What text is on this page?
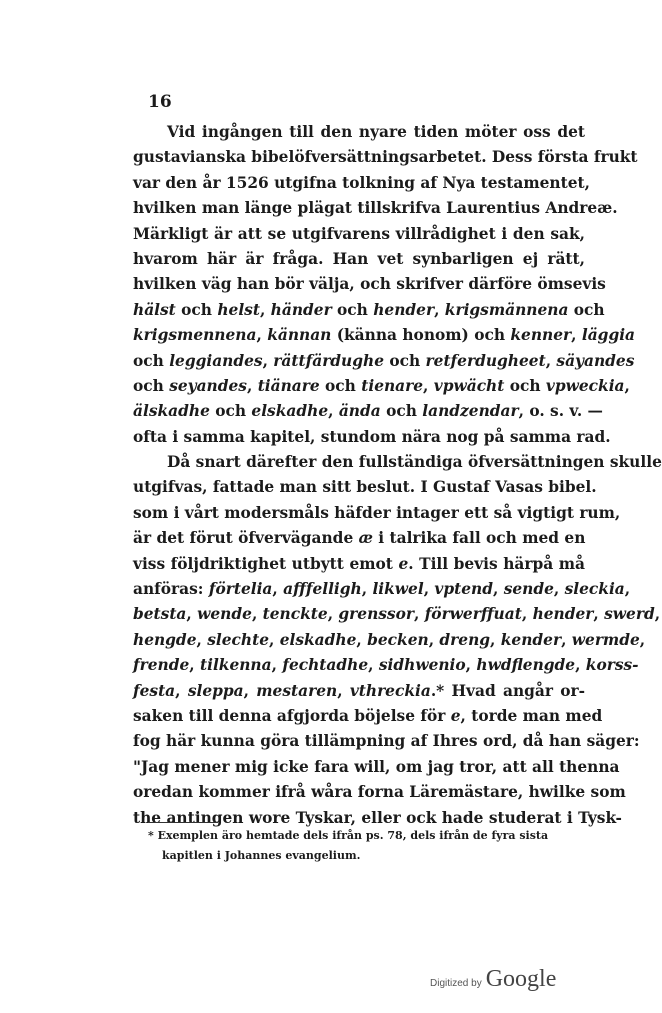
16
Vid ingången till den nyare tiden möter oss det
gustavianska bibelöfversättningsarbetet. Dess första frukt
var den år 1526 utgifna tolkning af Nya testamentet,
hvilken man länge plägat tillskrifva Laurentius Andreæ.
Märkligt är att se utgifvarens villrådighet i den sak,
hvarom här är fråga. Han vet synbarligen ej rätt,
hvilken väg han bör välja, och skrifver därföre ömsevis
hälst och helst, händer och hender, krigsmännena och
krigsmennena, kännan (känna honom) och kenner, läggia
och leggiandes, rättfärdughe och retferdugheet, säyandes
och seyandes, tiänare och tienare, vpwächt och vpweckia,
älskadhe och elskadhe, ända och landzendar, o. s. v. —
ofta i samma kapitel, stundom nära nog på samma rad.
Då snart därefter den fullständiga öfversättningen skulle
utgifvas, fattade man sitt beslut. I Gustaf Vasas bibel.
som i vårt modersmåls häfder intager ett så vigtigt rum,
är det förut öfvervägande æ i talrika fall och med en
viss följdriktighet utbytt emot e. Till bevis härpå må
anföras: förtelia, afffelligh, likwel, vptend, sende, sleckia,
betsta, wende, tenckte, grenssor, förwerffuat, hender, swerd,
hengde, slechte, elskadhe, becken, dreng, kender, wermde,
frende, tilkenna, fechtadhe, sidhwenio, hwdflengde, korss-
festa, sleppa, mestaren, vthreckia.* Hvad angår or-
saken till denna afgjorda böjelse för e, torde man med
fog här kunna göra tillämpning af Ihres ord, då han säger:
"Jag mener mig icke fara will, om jag tror, att all thenna
oredan kommer ifrå wåra forna Läremästare, hwilke som
the antingen wore Tyskar, eller ock hade studerat i Tysk-
* Exemplen äro hemtade dels ifrån ps. 78, dels ifrån de fyra sista
kapitlen i Johannes evangelium.
Digitized by Google
